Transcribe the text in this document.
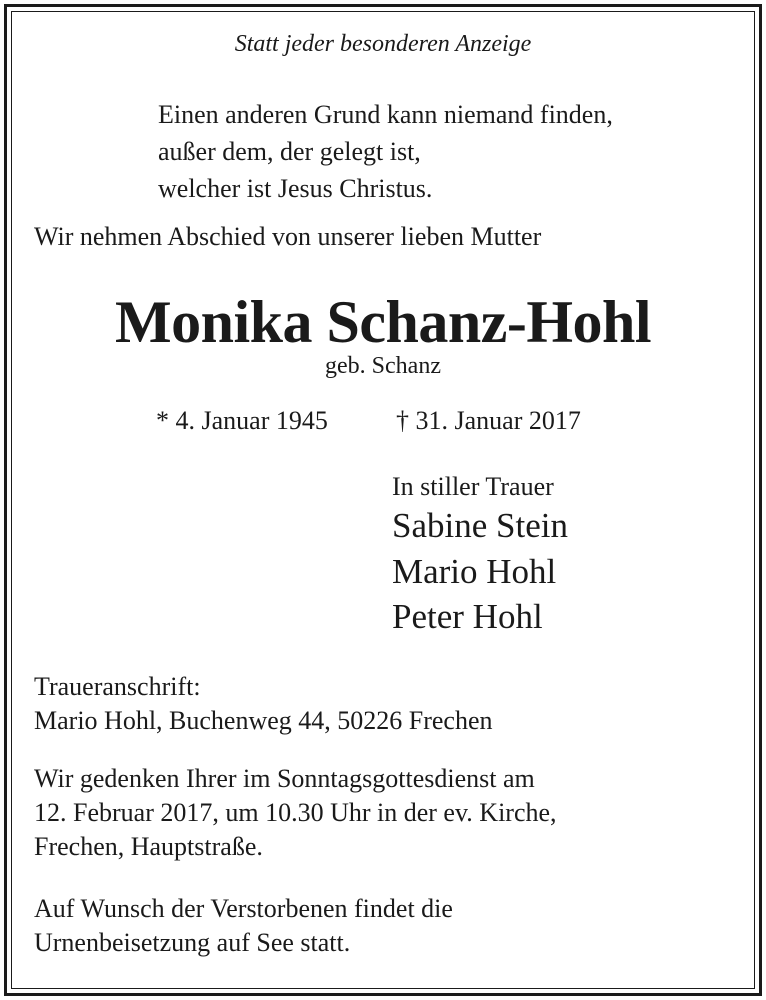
Statt jeder besonderen Anzeige

Einen anderen Grund kann niemand finden,
außer dem, der gelegt ist,
welcher ist Jesus Christus.

Wir nehmen Abschied von unserer lieben Mutter

Monika Schanz-Hohl

geb. Schanz

* 4. Januar 1945	† 31. Januar 2017

In stiller Trauer

Sabine Stein

Mario Hohl

Peter Hohl

Traueranschrift:
Mario Hohl, Buchenweg 44, 50226 Frechen
Wir gedenken Ihrer im Sonntagsgottesdienst am
12. Februar 2017, um 10.30 Uhr in der ev. Kirche,
Frechen, Hauptstraße.
Auf Wunsch der Verstorbenen findet die
Urnenbeisetzung auf See statt.
